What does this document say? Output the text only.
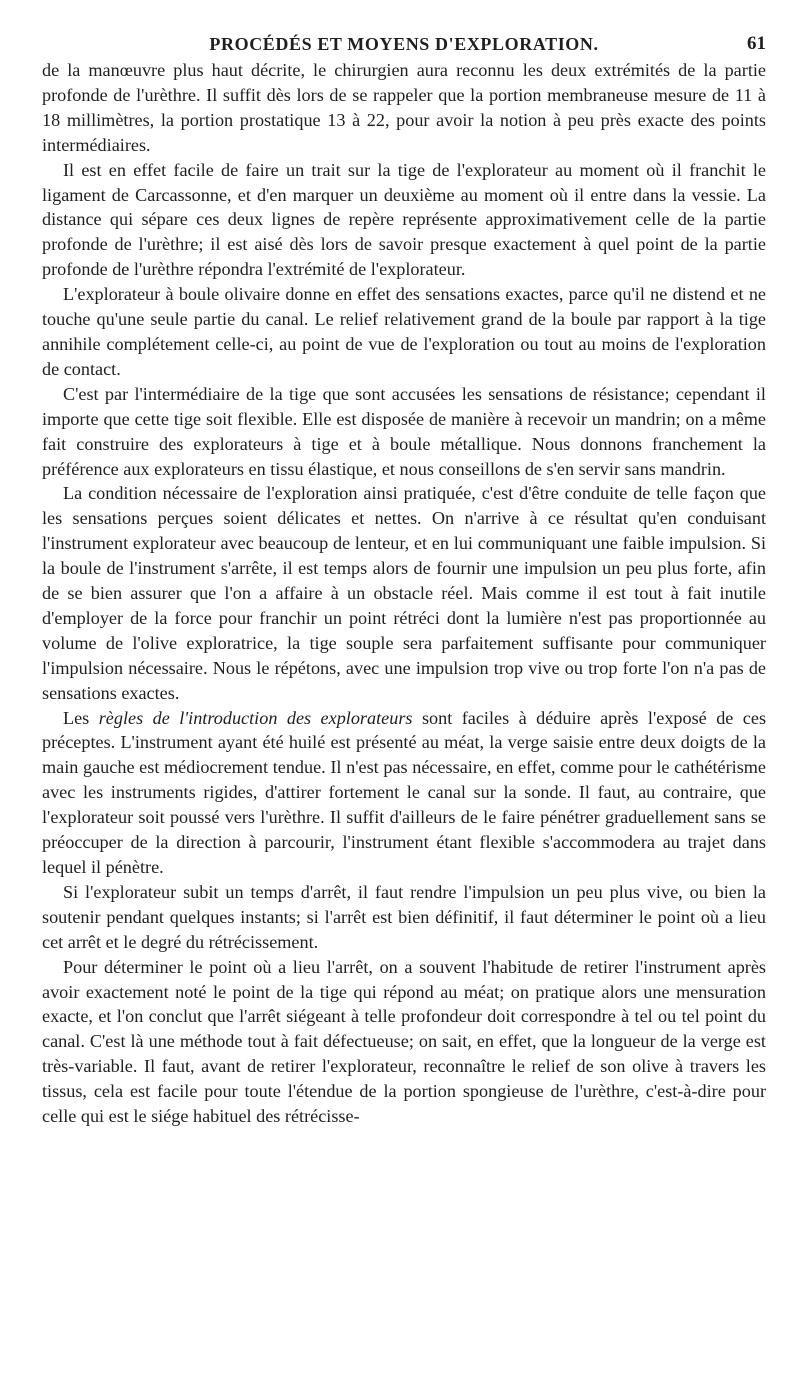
PROCÉDÉS ET MOYENS D'EXPLORATION.	61

de la manœuvre plus haut décrite, le chirurgien aura reconnu les deux extrémités de la partie profonde de l'urèthre. Il suffit dès lors de se rappeler que la portion membraneuse mesure de 11 à 18 millimètres, la portion prostatique 13 à 22, pour avoir la notion à peu près exacte des points intermédiaires.

Il est en effet facile de faire un trait sur la tige de l'explorateur au moment où il franchit le ligament de Carcassonne, et d'en marquer un deuxième au moment où il entre dans la vessie. La distance qui sépare ces deux lignes de repère représente approximativement celle de la partie profonde de l'urèthre; il est aisé dès lors de savoir presque exactement à quel point de la partie profonde de l'urèthre répondra l'extrémité de l'explorateur.

L'explorateur à boule olivaire donne en effet des sensations exactes, parce qu'il ne distend et ne touche qu'une seule partie du canal. Le relief relativement grand de la boule par rapport à la tige annihile complétement celle-ci, au point de vue de l'exploration ou tout au moins de l'exploration de contact.

C'est par l'intermédiaire de la tige que sont accusées les sensations de résistance; cependant il importe que cette tige soit flexible. Elle est disposée de manière à recevoir un mandrin; on a même fait construire des explorateurs à tige et à boule métallique. Nous donnons franchement la préférence aux explorateurs en tissu élastique, et nous conseillons de s'en servir sans mandrin.

La condition nécessaire de l'exploration ainsi pratiquée, c'est d'être conduite de telle façon que les sensations perçues soient délicates et nettes. On n'arrive à ce résultat qu'en conduisant l'instrument explorateur avec beaucoup de lenteur, et en lui communiquant une faible impulsion. Si la boule de l'instrument s'arrête, il est temps alors de fournir une impulsion un peu plus forte, afin de se bien assurer que l'on a affaire à un obstacle réel. Mais comme il est tout à fait inutile d'employer de la force pour franchir un point rétréci dont la lumière n'est pas proportionnée au volume de l'olive exploratrice, la tige souple sera parfaitement suffisante pour communiquer l'impulsion nécessaire. Nous le répétons, avec une impulsion trop vive ou trop forte l'on n'a pas de sensations exactes.

Les règles de l'introduction des explorateurs sont faciles à déduire après l'exposé de ces préceptes. L'instrument ayant été huilé est présenté au méat, la verge saisie entre deux doigts de la main gauche est médiocrement tendue. Il n'est pas nécessaire, en effet, comme pour le cathétérisme avec les instruments rigides, d'attirer fortement le canal sur la sonde. Il faut, au contraire, que l'explorateur soit poussé vers l'urèthre. Il suffit d'ailleurs de le faire pénétrer graduellement sans se préoccuper de la direction à parcourir, l'instrument étant flexible s'accommodera au trajet dans lequel il pénètre.

Si l'explorateur subit un temps d'arrêt, il faut rendre l'impulsion un peu plus vive, ou bien la soutenir pendant quelques instants; si l'arrêt est bien définitif, il faut déterminer le point où a lieu cet arrêt et le degré du rétrécissement.

Pour déterminer le point où a lieu l'arrêt, on a souvent l'habitude de retirer l'instrument après avoir exactement noté le point de la tige qui répond au méat; on pratique alors une mensuration exacte, et l'on conclut que l'arrêt siégeant à telle profondeur doit correspondre à tel ou tel point du canal. C'est là une méthode tout à fait défectueuse; on sait, en effet, que la longueur de la verge est très-variable. Il faut, avant de retirer l'explorateur, reconnaître le relief de son olive à travers les tissus, cela est facile pour toute l'étendue de la portion spongieuse de l'urèthre, c'est-à-dire pour celle qui est le siége habituel des rétrécisse-
